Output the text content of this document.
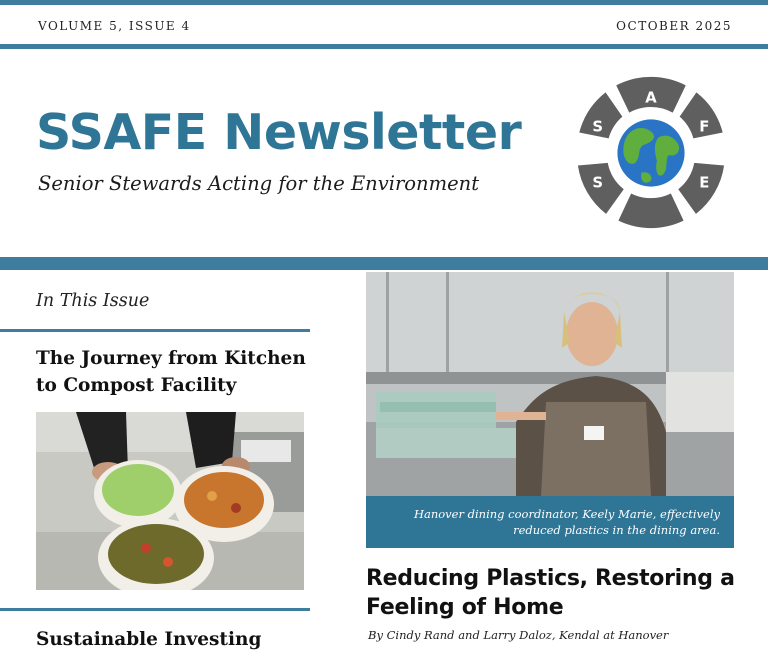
VOLUME 5, ISSUE 4	OCTOBER 2025
SSAFE Newsletter
Senior Stewards Acting for the Environment
A
F
E
S
S
In This Issue
The Journey from Kitchen to Compost Facility
Sustainable Investing
Hanover dining coordinator, Keely Marie, effectively reduced plastics in the dining area.
Reducing Plastics, Restoring a Feeling of Home
By Cindy Rand and Larry Daloz, Kendal at Hanover
